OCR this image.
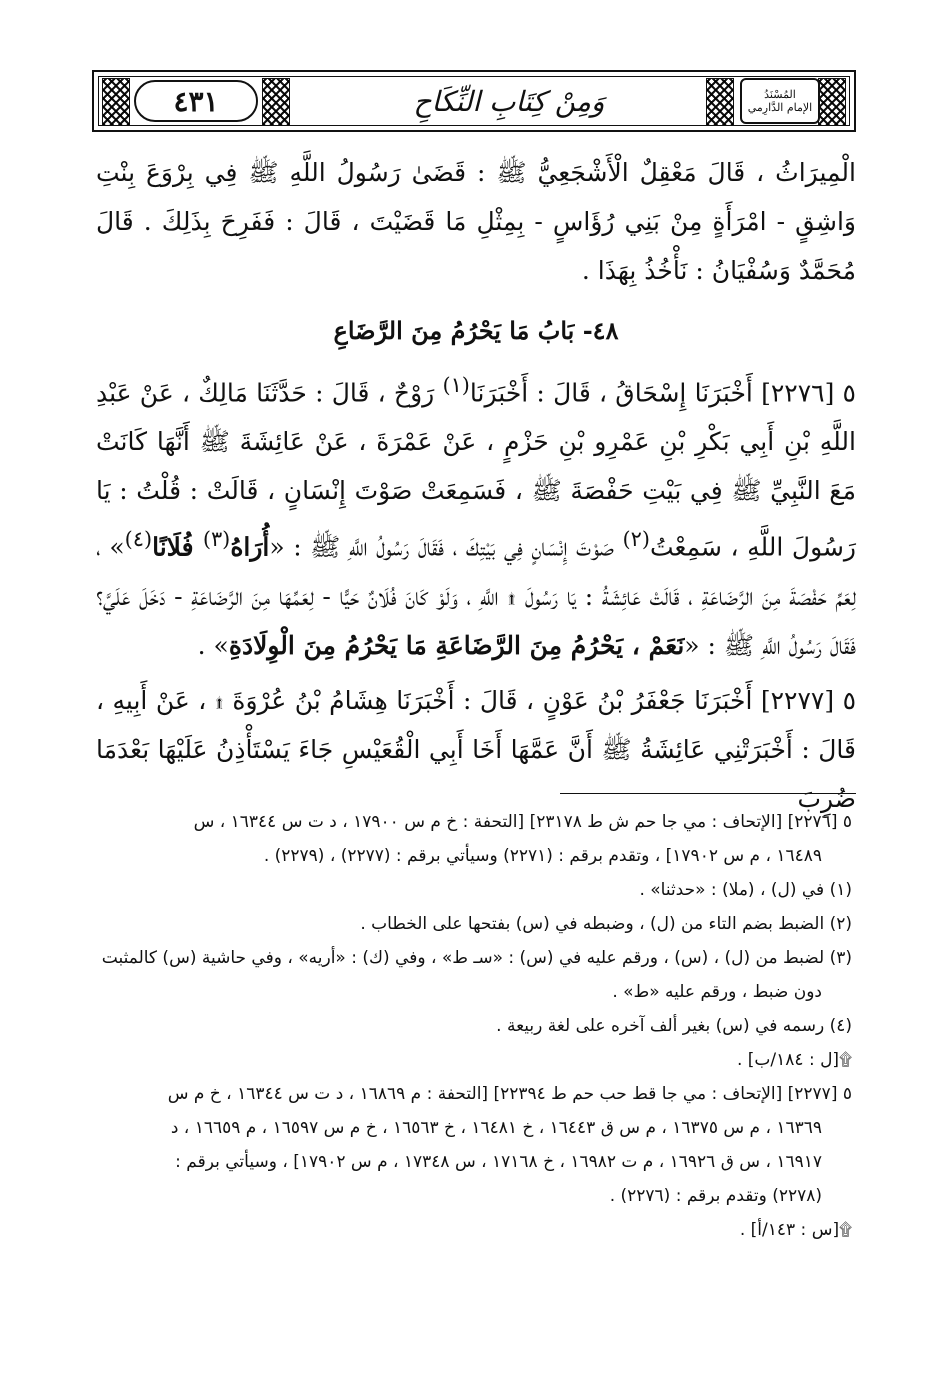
٤٣١	وَمِنْ كِتَابِ النِّكَاحِ	المُسْنَدُ
الإمام الدَّارِمي

الْمِيرَاثُ ، قَالَ مَعْقِلٌ الْأَشْجَعِيُّ ﷺ : قَضَىٰ رَسُولُ اللَّهِ ﷺ فِي بِرْوَعَ بِنْتِ وَاشِقٍ - امْرَأَةٍ مِنْ بَنِي رُؤَاسٍ - بِمِثْلِ مَا قَضَيْتَ ، قَالَ : فَفَرِحَ بِذَلِكَ . قَالَ مُحَمَّدٌ وَسُفْيَانُ : نَأْخُذُ بِهَذَا .

٤٨- بَابُ مَا يَحْرُمُ مِنَ الرَّضَاعِ

٥ [٢٢٧٦] أَخْبَرَنَا إِسْحَاقُ ، قَالَ : أَخْبَرَنَا$^{(١)}$ رَوْحٌ ، قَالَ : حَدَّثَنَا مَالِكٌ ، عَنْ عَبْدِ اللَّهِ بْنِ أَبِي بَكْرِ بْنِ عَمْرِو بْنِ حَزْمٍ ، عَنْ عَمْرَةَ ، عَنْ عَائِشَةَ ﷺ أَنَّهَا كَانَتْ مَعَ النَّبِيِّ ﷺ فِي بَيْتِ حَفْصَةَ ﷺ ، فَسَمِعَتْ صَوْتَ إِنْسَانٍ ، قَالَتْ : قُلْتُ : يَا رَسُولَ اللَّهِ ، سَمِعْتُ$^{(٢)}$ صَوْتَ إِنْسَانٍ فِي بَيْتِكَ ، فَقَالَ رَسُولُ اللَّهِ ﷺ : «أُرَاهُ$^{(٣)}$ فُلَانًا$^{(٤)}$» ، لِعَمِّ حَفْصَةَ مِنَ الرَّضَاعَةِ ، قَالَتْ عَائِشَةُ : يَا رَسُولَ ۩ اللَّهِ ، وَلَوْ كَانَ فُلَانٌ حَيًّا - لِعَمِّهَا مِنَ الرَّضَاعَةِ - دَخَلَ عَلَيَّ؟ فَقَالَ رَسُولُ اللَّهِ ﷺ : «نَعَمْ ، يَحْرُمُ مِنَ الرَّضَاعَةِ مَا يَحْرُمُ مِنَ الْوِلَادَةِ» .

٥ [٢٢٧٧] أَخْبَرَنَا جَعْفَرُ بْنُ عَوْنٍ ، قَالَ : أَخْبَرَنَا هِشَامُ بْنُ عُرْوَةَ ۩ ، عَنْ أَبِيهِ ، قَالَ : أَخْبَرَتْنِي عَائِشَةُ ﷺ أَنَّ عَمَّهَا أَخَا أَبِي الْقُعَيْسِ جَاءَ يَسْتَأْذِنُ عَلَيْهَا بَعْدَمَا ضُرِبَ

٥ [٢٢٧٦] [الإتحاف : مي جا حم ش ط ٢٣١٧٨] [التحفة : خ م س ١٧٩٠٠ ، د ت س ١٦٣٤٤ ، س

١٦٤٨٩ ، م س ١٧٩٠٢] ، وتقدم برقم : (٢٢٧١) وسيأتي برقم : (٢٢٧٧) ، (٢٢٧٩) .

(١) في (ل) ، (ملا) : «حدثنا» .

(٢) الضبط بضم التاء من (ل) ، وضبطه في (س) بفتحها على الخطاب .

(٣) لضبط من (ل) ، (س) ، ورقم عليه في (س) : «سـ ط» ، وفي (ك) : «أريه» ، وفي حاشية (س) كالمثبت

دون ضبط ، ورقم عليه «ط» .

(٤) رسمه في (س) بغير ألف آخره على لغة ربيعة .

۩[ل : ١٨٤/ب] .

٥ [٢٢٧٧] [الإتحاف : مي جا قط حب حم ط ٢٢٣٩٤] [التحفة : م ١٦٨٦٩ ، د ت س ١٦٣٤٤ ، خ م س

١٦٣٦٩ ، م س ١٦٣٧٥ ، م س ق ١٦٤٤٣ ، خ ١٦٤٨١ ، خ ١٦٥٦٣ ، خ م س ١٦٥٩٧ ، م ١٦٦٥٩ ، د

١٦٩١٧ ، س ق ١٦٩٢٦ ، م ت ١٦٩٨٢ ، خ ١٧١٦٨ ، س ١٧٣٤٨ ، م س ١٧٩٠٢] ، وسيأتي برقم :

(٢٢٧٨) وتقدم برقم : (٢٢٧٦) .

۩[س : ١٤٣/أ] .
